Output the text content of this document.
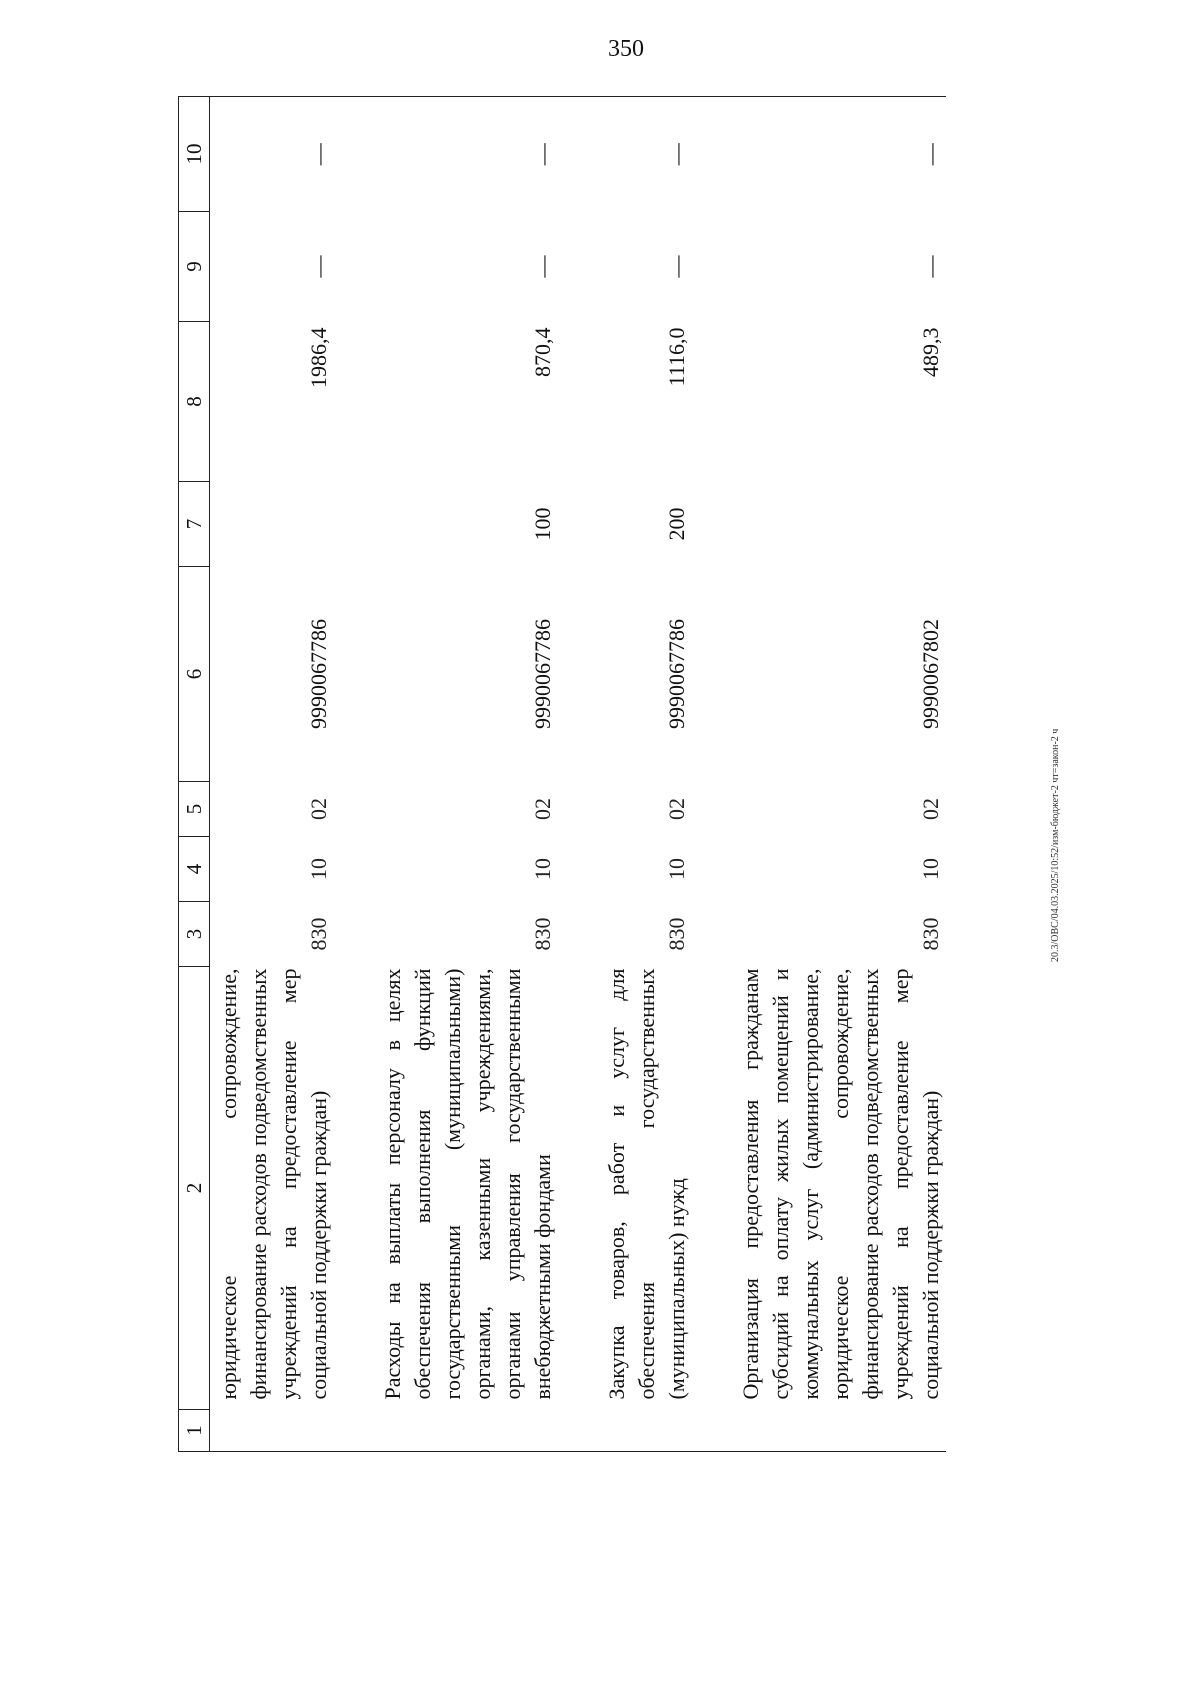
350
1	2	3	4	5	6	7	8	9	10

	юридическое сопровождение, финансирование расходов подведомственных учреждений на предоставление мер социальной поддержки граждан)	830	10	02	9990067786		1986,4	—	—

	Расходы на выплаты персоналу в целях обеспечения выполнения функций государственными (муниципальными) органами, казенными учреждениями, органами управления государственными внебюджетными фондами	830	10	02	9990067786	100	870,4	—	—

	Закупка товаров, работ и услуг для обеспечения государственных (муниципальных) нужд	830	10	02	9990067786	200	1116,0	—	—

	Организация предоставления гражданам субсидий на оплату жилых помещений и коммунальных услуг (администрирование, юридическое сопровождение, финансирование расходов подведомственных учреждений на предоставление мер социальной поддержки граждан)	830	10	02	9990067802		489,3	—	—
20.3/OBC/04.03.2025/10:52/изм-бюджет-2 чт=закон-2 ч
